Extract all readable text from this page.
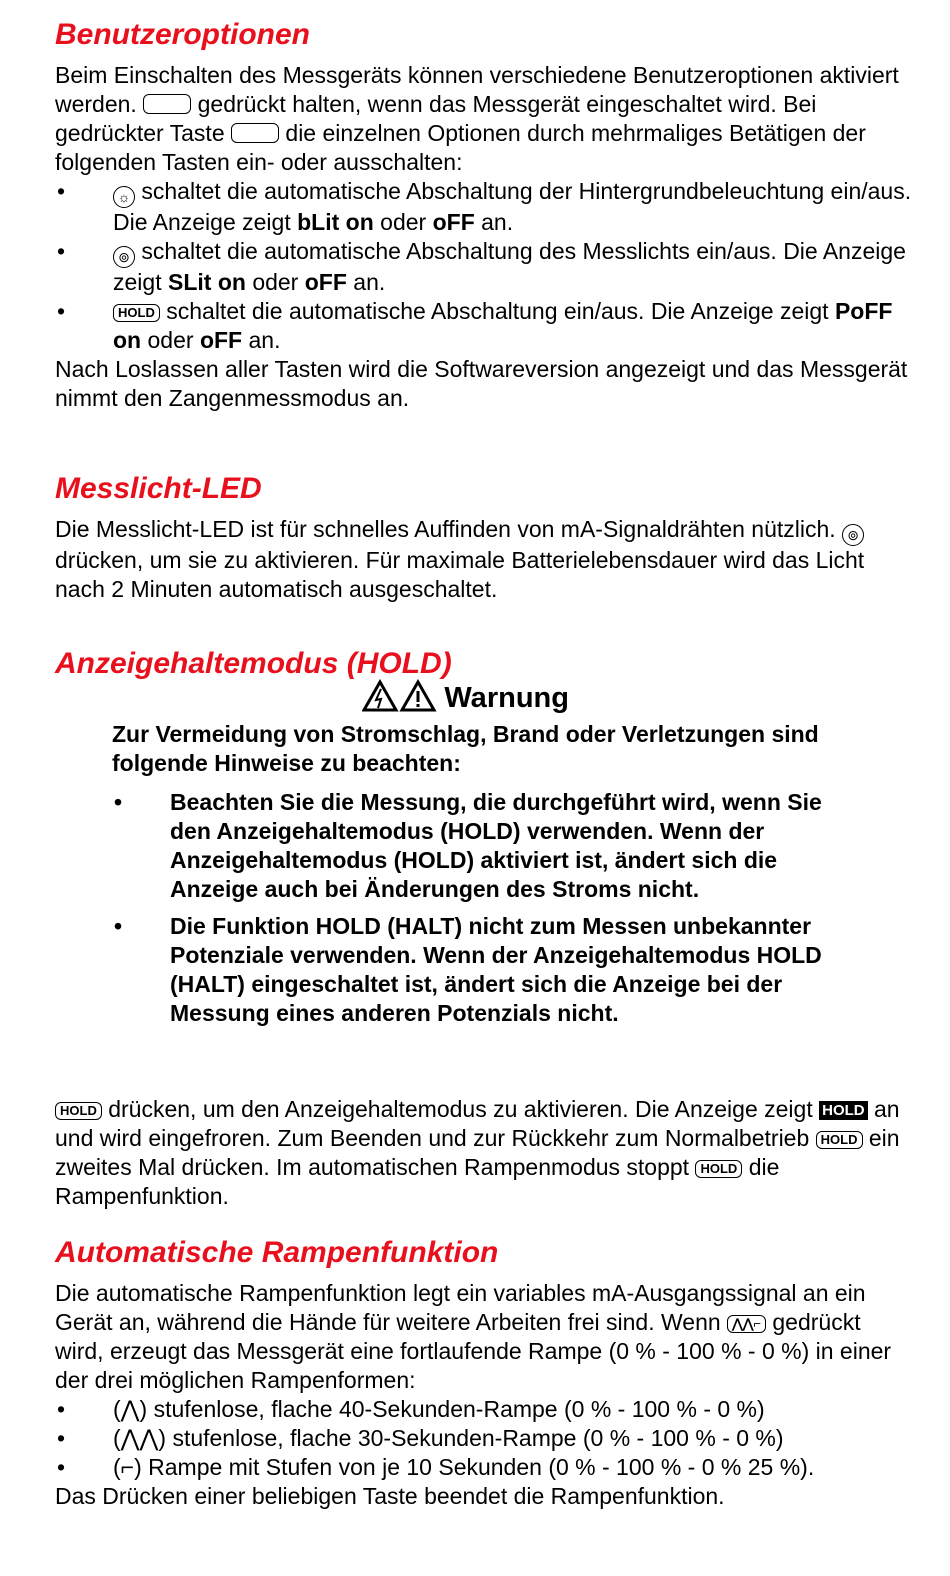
Benutzeroptionen

Beim Einschalten des Messgeräts können verschiedene Benutzeroptionen aktiviert werden.	gedrückt halten, wenn das Messgerät eingeschaltet wird. Bei gedrückter Taste	die einzelnen Optionen durch mehrmaliges Betätigen der folgenden Tasten ein- oder ausschalten:

• ☼ schaltet die automatische Abschaltung der Hintergrundbeleuchtung ein/aus. Die Anzeige zeigt bLit on oder oFF an.
• ⊚ schaltet die automatische Abschaltung des Messlichts ein/aus. Die Anzeige zeigt SLit on oder oFF an.
• HOLD schaltet die automatische Abschaltung ein/aus. Die Anzeige zeigt PoFF on oder oFF an.

Nach Loslassen aller Tasten wird die Softwareversion angezeigt und das Messgerät nimmt den Zangenmessmodus an.

Messlicht-LED

Die Messlicht-LED ist für schnelles Auffinden von mA-Signaldrähten nützlich. ⊚ drücken, um sie zu aktivieren. Für maximale Batterielebensdauer wird das Licht nach 2 Minuten automatisch ausgeschaltet.

Anzeigehaltemodus (HOLD)
Warnung

Zur Vermeidung von Stromschlag, Brand oder Verletzungen sind folgende Hinweise zu beachten:

• Beachten Sie die Messung, die durchgeführt wird, wenn Sie den Anzeigehaltemodus (HOLD) verwenden. Wenn der Anzeigehaltemodus (HOLD) aktiviert ist, ändert sich die Anzeige auch bei Änderungen des Stroms nicht.
• Die Funktion HOLD (HALT) nicht zum Messen unbekannter Potenziale verwenden. Wenn der Anzeigehaltemodus HOLD (HALT) eingeschaltet ist, ändert sich die Anzeige bei der Messung eines anderen Potenzials nicht.

HOLD drücken, um den Anzeigehaltemodus zu aktivieren. Die Anzeige zeigt HOLD an und wird eingefroren. Zum Beenden und zur Rückkehr zum Normalbetrieb HOLD ein zweites Mal drücken. Im automatischen Rampenmodus stoppt HOLD die Rampenfunktion.

Automatische Rampenfunktion

Die automatische Rampenfunktion legt ein variables mA-Ausgangssignal an ein Gerät an, während die Hände für weitere Arbeiten frei sind. Wenn ⋀⋀⌐ gedrückt wird, erzeugt das Messgerät eine fortlaufende Rampe (0 % - 100 % - 0 %) in einer der drei möglichen Rampenformen:

• (⋀) stufenlose, flache 40-Sekunden-Rampe (0 % - 100 % - 0 %)
• (⋀⋀) stufenlose, flache 30-Sekunden-Rampe (0 % - 100 % - 0 %)
• (⌐) Rampe mit Stufen von je 10 Sekunden (0 % - 100 % - 0 % 25 %).

Das Drücken einer beliebigen Taste beendet die Rampenfunktion.
